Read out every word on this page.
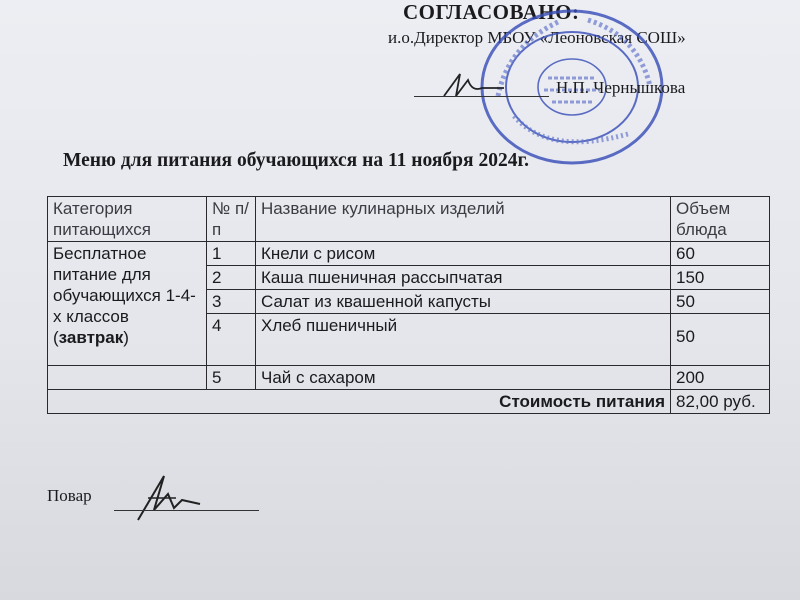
СОГЛАСОВАНО:
и.о.Директор МБОУ «Леоновская СОШ»
Н.П. Чернышкова
Меню для питания обучающихся на 11 ноября 2024г.
Категория питающихся	№ п/п	Название кулинарных изделий	Объем блюда
Бесплатное питание для обучающихся 1-4-х классов (завтрак)	1	Кнели с рисом	60
	2	Каша пшеничная рассыпчатая	150
	3	Салат из квашенной капусты	50
	4	Хлеб пшеничный	50
	5	Чай с сахаром	200
Стоимость питания			82,00 руб.
Повар
